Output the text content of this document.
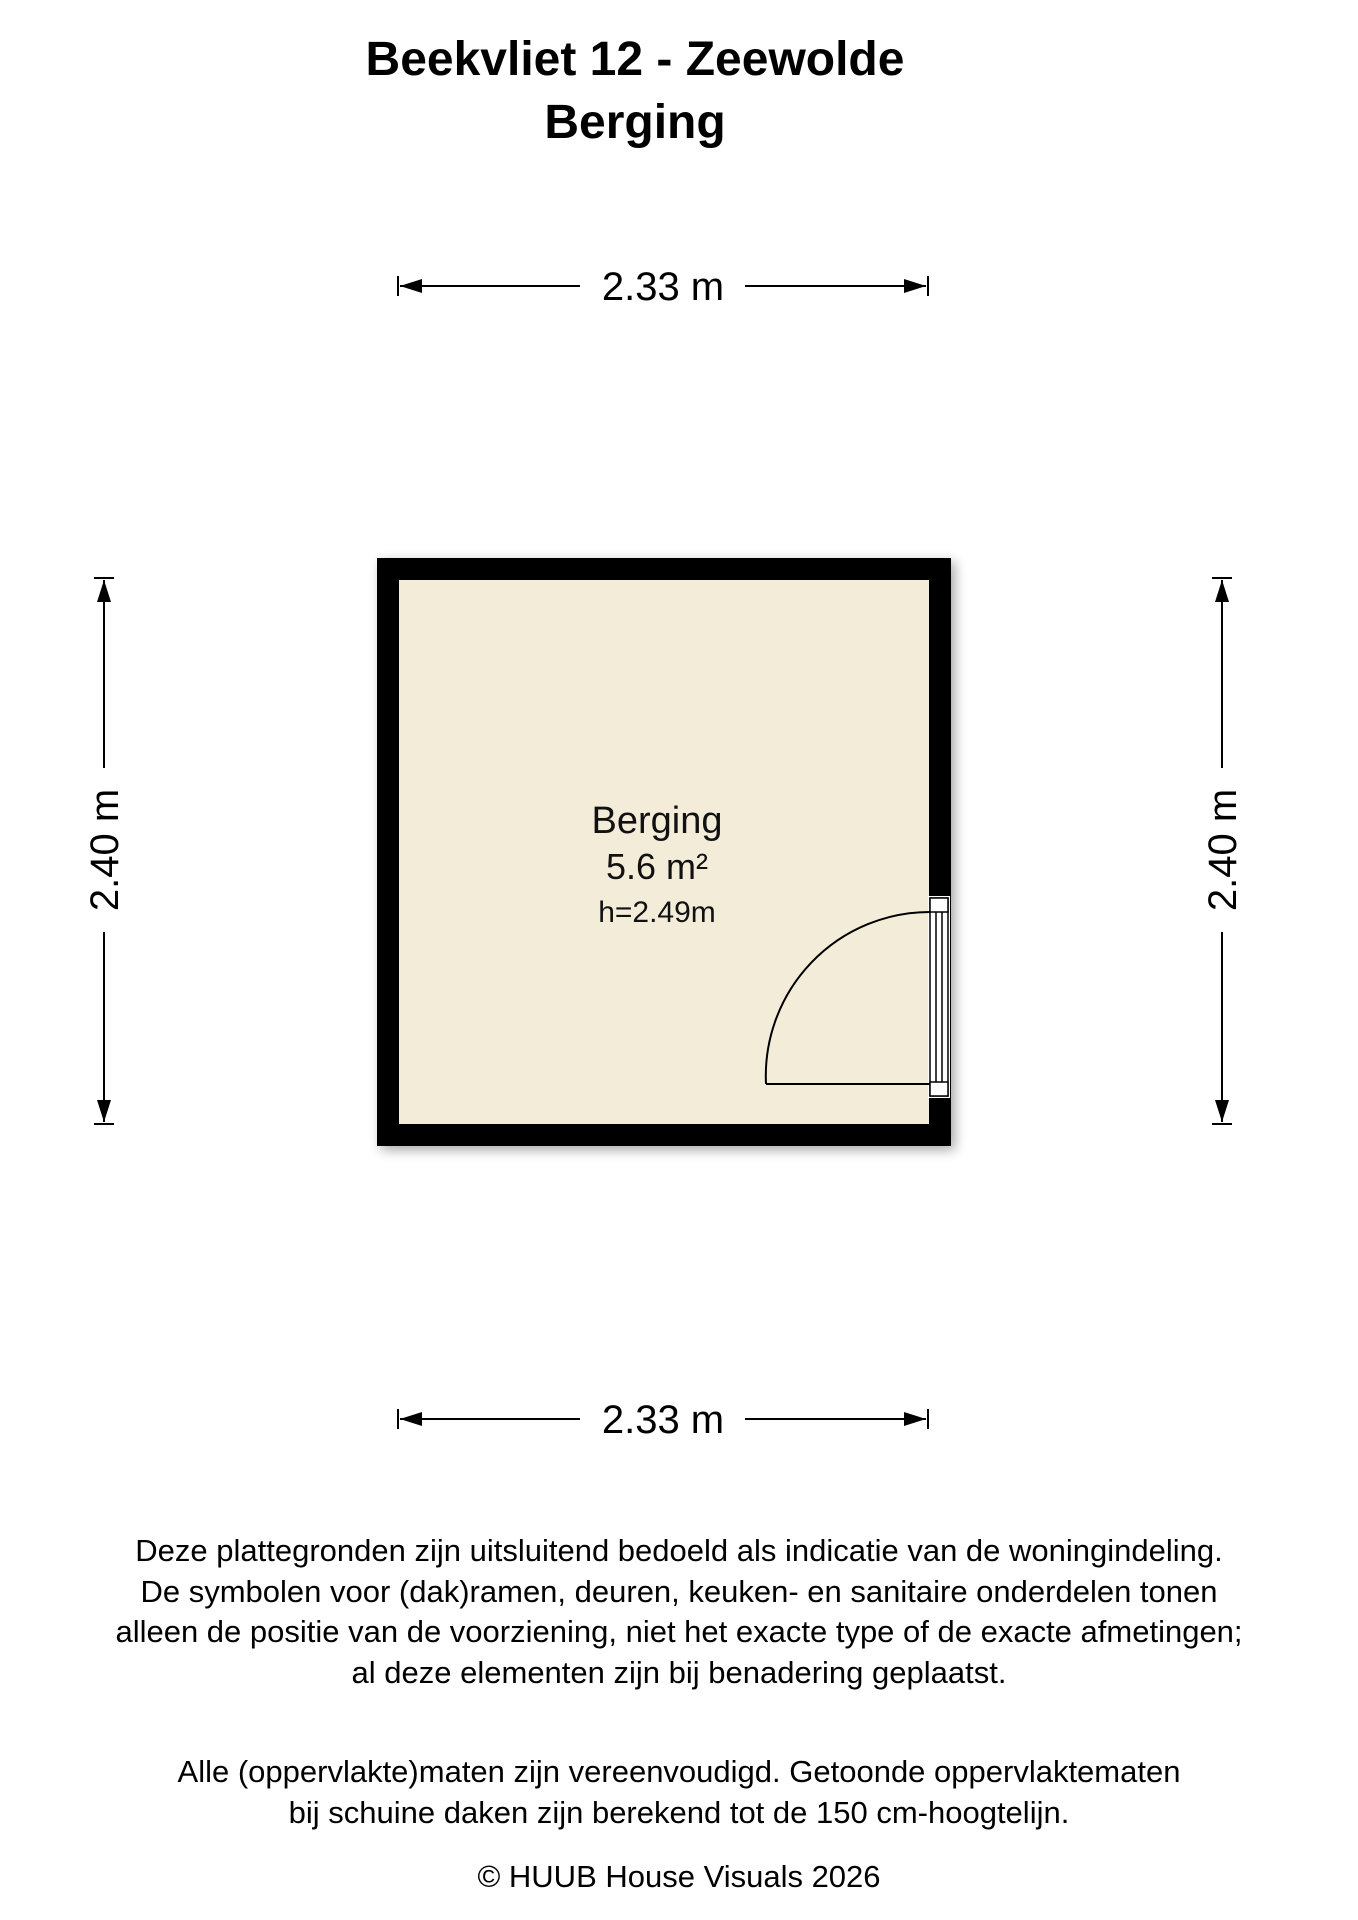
Beekvliet 12 - Zeewolde
Berging
2.33 m
2.33 m
2.40 m	2.40 m
Berging
5.6 m²
h=2.49m

Deze plattegronden zijn uitsluitend bedoeld als indicatie van de woningindeling.
De symbolen voor (dak)ramen, deuren, keuken- en sanitaire onderdelen tonen
alleen de positie van de voorziening, niet het exacte type of de exacte afmetingen;
al deze elementen zijn bij benadering geplaatst.

Alle (oppervlakte)maten zijn vereenvoudigd. Getoonde oppervlaktematen
bij schuine daken zijn berekend tot de 150 cm-hoogtelijn.

© HUUB House Visuals 2026
